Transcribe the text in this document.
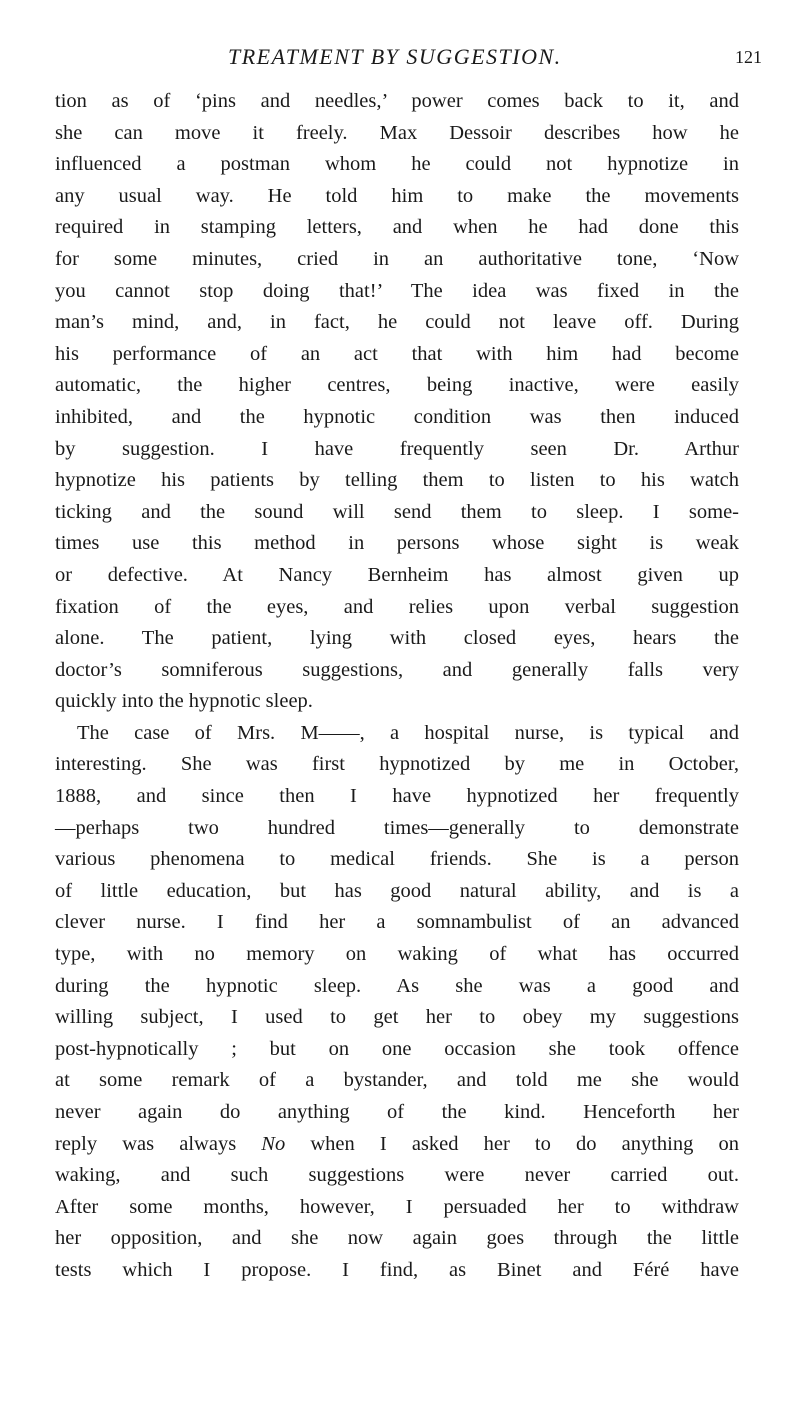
TREATMENT BY SUGGESTION.	121
tion as of ‘pins and needles,’ power comes back to it, and
she can move it freely. Max Dessoir describes how he
influenced a postman whom he could not hypnotize in
any usual way. He told him to make the movements
required in stamping letters, and when he had done this
for some minutes, cried in an authoritative tone, ‘Now
you cannot stop doing that!’ The idea was fixed in the
man’s mind, and, in fact, he could not leave off. During
his performance of an act that with him had become
automatic, the higher centres, being inactive, were easily
inhibited, and the hypnotic condition was then induced
by suggestion. I have frequently seen Dr. Arthur
hypnotize his patients by telling them to listen to his watch
ticking and the sound will send them to sleep. I some-
times use this method in persons whose sight is weak
or defective. At Nancy Bernheim has almost given up
fixation of the eyes, and relies upon verbal suggestion
alone. The patient, lying with closed eyes, hears the
doctor’s somniferous suggestions, and generally falls very
quickly into the hypnotic sleep.
The case of Mrs. M——, a hospital nurse, is typical and
interesting. She was first hypnotized by me in October,
1888, and since then I have hypnotized her frequently
—perhaps two hundred times—generally to demonstrate
various phenomena to medical friends. She is a person
of little education, but has good natural ability, and is a
clever nurse. I find her a somnambulist of an advanced
type, with no memory on waking of what has occurred
during the hypnotic sleep. As she was a good and
willing subject, I used to get her to obey my suggestions
post-hypnotically ; but on one occasion she took offence
at some remark of a bystander, and told me she would
never again do anything of the kind. Henceforth her
reply was always No when I asked her to do anything on
waking, and such suggestions were never carried out.
After some months, however, I persuaded her to withdraw
her opposition, and she now again goes through the little
tests which I propose. I find, as Binet and Féré have
